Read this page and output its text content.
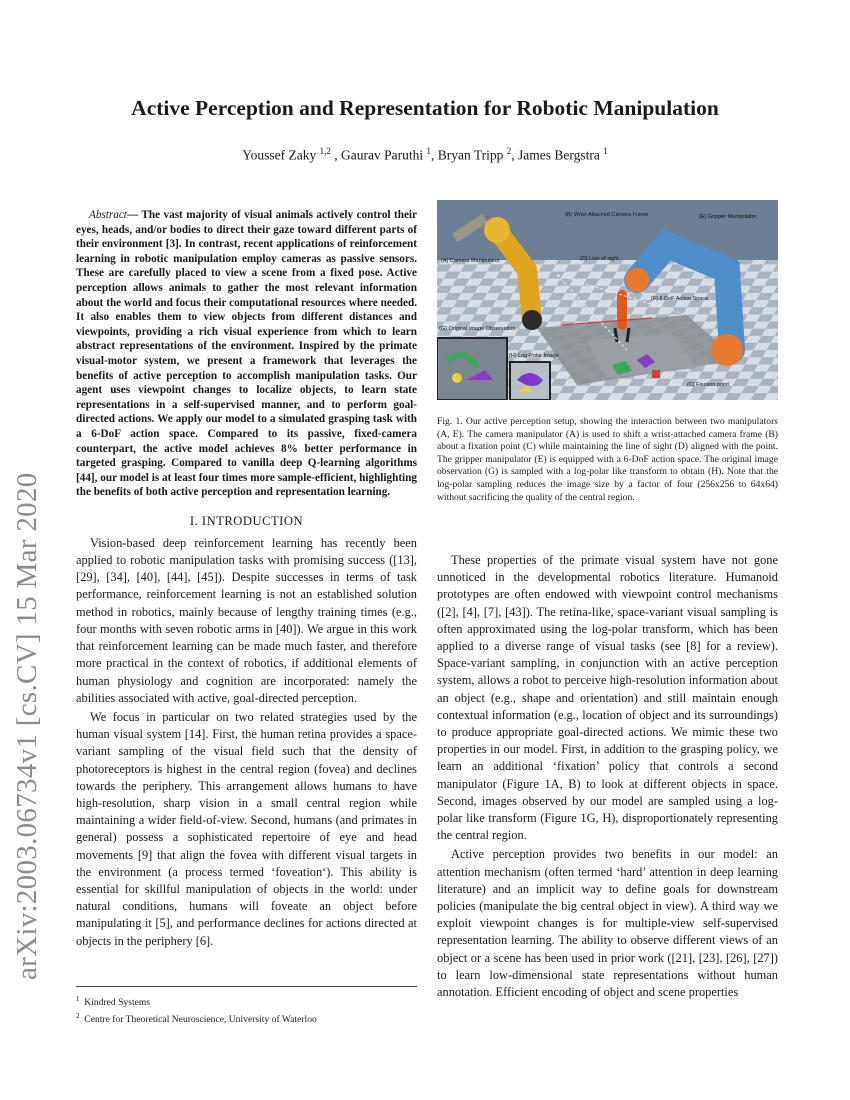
arXiv:2003.06734v1 [cs.CV] 15 Mar 2020
Active Perception and Representation for Robotic Manipulation
Youssef Zaky $^{1,2}$ , Gaurav Paruthi $^1$, Bryan Tripp $^2$, James Bergstra $^1$

Abstract— The vast majority of visual animals actively control their eyes, heads, and/or bodies to direct their gaze toward different parts of their environment [3]. In contrast, recent applications of reinforcement learning in robotic manipulation employ cameras as passive sensors. These are carefully placed to view a scene from a fixed pose. Active perception allows animals to gather the most relevant information about the world and focus their computational resources where needed. It also enables them to view objects from different distances and viewpoints, providing a rich visual experience from which to learn abstract representations of the environment. Inspired by the primate visual-motor system, we present a framework that leverages the benefits of active perception to accomplish manipulation tasks. Our agent uses viewpoint changes to localize objects, to learn state representations in a self-supervised manner, and to perform goal-directed actions. We apply our model to a simulated grasping task with a 6-DoF action space. Compared to its passive, fixed-camera counterpart, the active model achieves 8% better performance in targeted grasping. Compared to vanilla deep Q-learning algorithms [44], our model is at least four times more sample-efficient, highlighting the benefits of both active perception and representation learning.

I. INTRODUCTION

Vision-based deep reinforcement learning has recently been applied to robotic manipulation tasks with promising success ([13], [29], [34], [40], [44], [45]). Despite successes in terms of task performance, reinforcement learning is not an established solution method in robotics, mainly because of lengthy training times (e.g., four months with seven robotic arms in [40]). We argue in this work that reinforcement learning can be made much faster, and therefore more practical in the context of robotics, if additional elements of human physiology and cognition are incorporated: namely the abilities associated with active, goal-directed perception.

We focus in particular on two related strategies used by the human visual system [14]. First, the human retina provides a space-variant sampling of the visual field such that the density of photoreceptors is highest in the central region (fovea) and declines towards the periphery. This arrangement allows humans to have high-resolution, sharp vision in a small central region while maintaining a wider field-of-view. Second, humans (and primates in general) possess a sophisticated repertoire of eye and head movements [9] that align the fovea with different visual targets in the environment (a process termed ‘foveation‘). This ability is essential for skillful manipulation of objects in the world: under natural conditions, humans will foveate an object before manipulating it [5], and performance declines for actions directed at objects in the periphery [6].

$^1$ Kindred Systems
$^2$ Centre for Theoretical Neuroscience, University of Waterloo
(A) Camera Manipulator
(B) Wrist-Attached Camera Frame
(D) Line of sight
(E) Gripper Manipulator
(F) 6 DoF Action Space
(G) Original Image Observation
(H) Log-Polar Image
(C) Fixation point

Fig. 1. Our active perception setup, showing the interaction between two manipulators (A, E). The camera manipulator (A) is used to shift a wrist-attached camera frame (B) about a fixation point (C) while maintaining the line of sight (D) aligned with the point. The gripper manipulator (E) is equipped with a 6-DoF action space. The original image observation (G) is sampled with a log-polar like transform to obtain (H). Note that the log-polar sampling reduces the image size by a factor of four (256x256 to 64x64) without sacrificing the quality of the central region.

These properties of the primate visual system have not gone unnoticed in the developmental robotics literature. Humanoid prototypes are often endowed with viewpoint control mechanisms ([2], [4], [7], [43]). The retina-like, space-variant visual sampling is often approximated using the log-polar transform, which has been applied to a diverse range of visual tasks (see [8] for a review). Space-variant sampling, in conjunction with an active perception system, allows a robot to perceive high-resolution information about an object (e.g., shape and orientation) and still maintain enough contextual information (e.g., location of object and its surroundings) to produce appropriate goal-directed actions. We mimic these two properties in our model. First, in addition to the grasping policy, we learn an additional ‘fixation’ policy that controls a second manipulator (Figure 1A, B) to look at different objects in space. Second, images observed by our model are sampled using a log-polar like transform (Figure 1G, H), disproportionately representing the central region.

Active perception provides two benefits in our model: an attention mechanism (often termed ‘hard’ attention in deep learning literature) and an implicit way to define goals for downstream policies (manipulate the big central object in view). A third way we exploit viewpoint changes is for multiple-view self-supervised representation learning. The ability to observe different views of an object or a scene has been used in prior work ([21], [23], [26], [27]) to learn low-dimensional state representations without human annotation. Efficient encoding of object and scene properties
